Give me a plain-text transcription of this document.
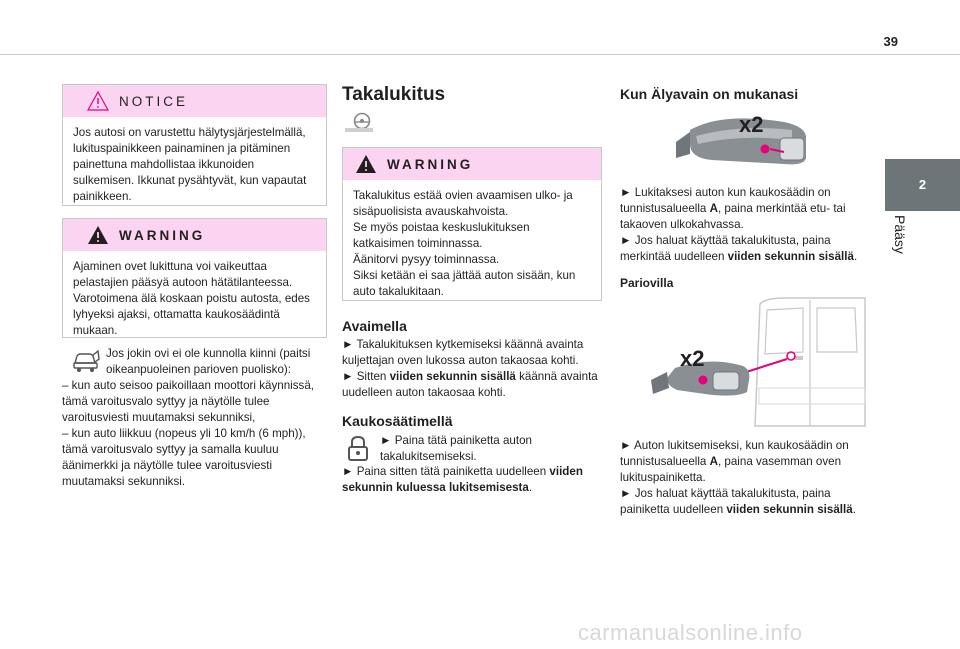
39
2
Pääsy
NOTICE
Jos autosi on varustettu hälytysjärjestelmällä, lukituspainikkeen painaminen ja pitäminen painettuna mahdollistaa ikkunoiden sulkemisen. Ikkunat pysähtyvät, kun vapautat painikkeen.
WARNING
Ajaminen ovet lukittuna voi vaikeuttaa pelastajien pääsyä autoon hätätilanteessa. Varotoimena älä koskaan poistu autosta, edes lyhyeksi ajaksi, ottamatta kaukosäädintä mukaan.
Jos jokin ovi ei ole kunnolla kiinni (paitsi oikeanpuoleinen parioven puolisko):
– kun auto seisoo paikoillaan moottori käynnissä, tämä varoitusvalo syttyy ja näytölle tulee varoitusviesti muutamaksi sekunniksi,
– kun auto liikkuu (nopeus yli 10 km/h (6 mph)), tämä varoitusvalo syttyy ja samalla kuuluu äänimerkki ja näytölle tulee varoitusviesti muutamaksi sekunniksi.
Takalukitus
WARNING
Takalukitus estää ovien avaamisen ulko- ja sisäpuolisista avauskahvoista.
Se myös poistaa keskuslukituksen katkaisimen toiminnassa.
Äänitorvi pysyy toiminnassa.
Siksi ketään ei saa jättää auton sisään, kun auto takalukitaan.
Avaimella
► Takalukituksen kytkemiseksi käännä avainta kuljettajan oven lukossa auton takaosaa kohti.
► Sitten viiden sekunnin sisällä käännä avainta uudelleen auton takaosaa kohti.
Kaukosäätimellä
► Paina tätä painiketta auton takalukitsemiseksi.
► Paina sitten tätä painiketta uudelleen viiden sekunnin kuluessa lukitsemisesta.
Kun Älyavain on mukanasi
x2
► Lukitaksesi auton kun kaukosäädin on tunnistusalueella A, paina merkintää etu- tai takaoven ulkokahvassa.
► Jos haluat käyttää takalukitusta, paina merkintää uudelleen viiden sekunnin sisällä.
Pariovilla
x2
► Auton lukitsemiseksi, kun kaukosäädin on tunnistusalueella A, paina vasemman oven lukituspainiketta.
► Jos haluat käyttää takalukitusta, paina painiketta uudelleen viiden sekunnin sisällä.
carmanualsonline.info
